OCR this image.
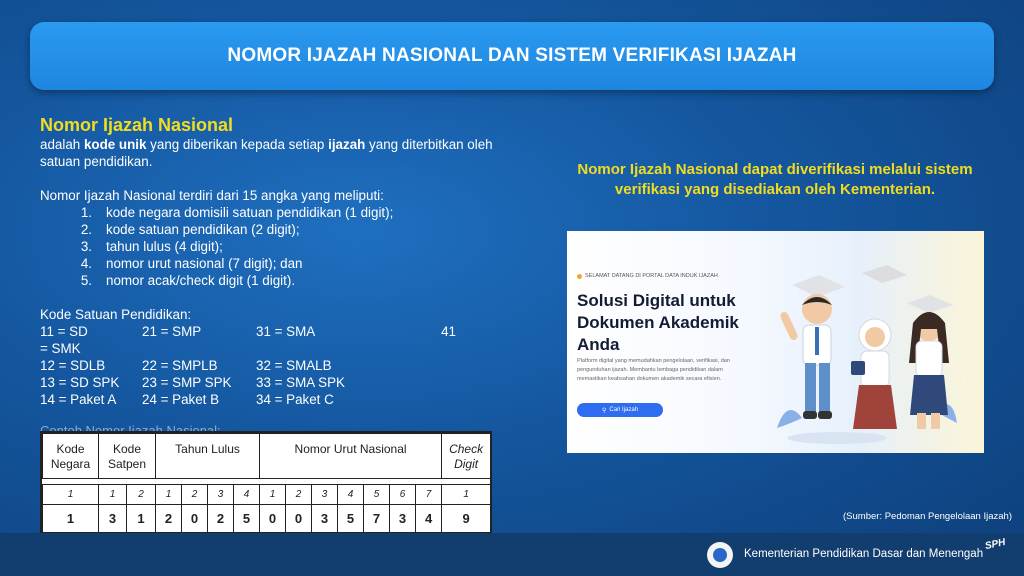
NOMOR IJAZAH NASIONAL DAN SISTEM VERIFIKASI IJAZAH
Nomor Ijazah Nasional
adalah kode unik yang diberikan kepada setiap ijazah yang diterbitkan oleh satuan pendidikan.
Nomor Ijazah Nasional terdiri dari 15 angka yang meliputi:
1.	kode negara domisili satuan pendidikan (1 digit);
2.	kode satuan pendidikan (2 digit);
3.	tahun lulus (4 digit);
4.	nomor urut nasional (7 digit); dan
5.	nomor acak/check digit (1 digit).
Kode Satuan Pendidikan:
11 = SD	21 = SMP	31 = SMA	41
= SMK
12 = SDLB	22 = SMPLB	32 = SMALB
13 = SD SPK	23 = SMP SPK	33 = SMA SPK
14 = Paket A	24 = Paket B	34 = Paket C
Kode Negara	Kode Satpen		Tahun Lulus				Nomor Urut Nasional							Check Digit

1	1	2	1	2	3	4	1	2	3	4	5	6	7	1
1	3	1	2	0	2	5	0	0	3	5	7	3	4	9
Nomor Ijazah Nasional dapat diverifikasi melalui sistem verifikasi yang disediakan oleh Kementerian.
SELAMAT DATANG DI PORTAL DATA INDUK IJAZAH
Solusi Digital untuk Dokumen Akademik Anda
Platform digital yang memudahkan pengelolaan, verifikasi, dan pengunduhan ijazah. Membantu lembaga pendidikan dalam memastikan keabsahan dokumen akademik secara efisien.
⚲ Cari Ijazah
(Sumber: Pedoman Pengelolaan Ijazah)
Kementerian Pendidikan Dasar dan Menengah
SPH
